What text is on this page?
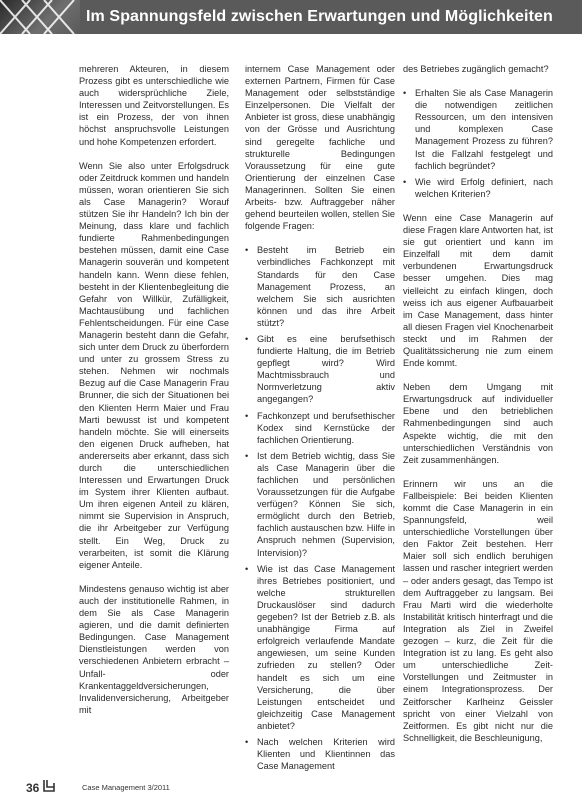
Im Spannungsfeld zwischen Erwartungen und Möglichkeiten

mehreren Akteuren, in diesem Prozess gibt es unterschiedliche wie auch widersprüchliche Ziele, Interessen und Zeitvorstellungen. Es ist ein Prozess, der von ihnen höchst anspruchsvolle Leistungen und hohe Kompetenzen erfordert.

Wenn Sie also unter Erfolgsdruck oder Zeitdruck kommen und handeln müssen, woran orientieren Sie sich als Case Managerin? Worauf stützen Sie ihr Handeln? Ich bin der Meinung, dass klare und fachlich fundierte Rahmenbedingungen bestehen müssen, damit eine Case Managerin souverän und kompetent handeln kann. Wenn diese fehlen, besteht in der Klientenbegleitung die Gefahr von Willkür, Zufälligkeit, Machtausübung und fachlichen Fehlentscheidungen. Für eine Case Managerin besteht dann die Gefahr, sich unter dem Druck zu überfordern und unter zu grossem Stress zu stehen. Nehmen wir nochmals Bezug auf die Case Managerin Frau Brunner, die sich der Situationen bei den Klienten Herrn Maier und Frau Marti bewusst ist und kompetent handeln möchte. Sie will einerseits den eigenen Druck aufheben, hat andererseits aber erkannt, dass sich durch die unterschiedlichen Interessen und Erwartungen Druck im System ihrer Klienten aufbaut. Um ihren eigenen Anteil zu klären, nimmt sie Supervision in Anspruch, die ihr Arbeitgeber zur Verfügung stellt. Ein Weg, Druck zu verarbeiten, ist somit die Klärung eigener Anteile.

Mindestens genauso wichtig ist aber auch der institutionelle Rahmen, in dem Sie als Case Managerin agieren, und die damit definierten Bedingungen. Case Management Dienstleistungen werden von verschiedenen Anbietern erbracht – Unfall- oder Krankentaggeldversicherungen, Invalidenversicherung, Arbeitgeber mit

internem Case Management oder externen Partnern, Firmen für Case Management oder selbstständige Einzelpersonen. Die Vielfalt der Anbieter ist gross, diese unabhängig von der Grösse und Ausrichtung sind geregelte fachliche und strukturelle Bedingungen Voraussetzung für eine gute Orientierung der einzelnen Case Managerinnen. Sollten Sie einen Arbeits- bzw. Auftraggeber näher gehend beurteilen wollen, stellen Sie folgende Fragen:

• Besteht im Betrieb ein verbindliches Fachkonzept mit Standards für den Case Management Prozess, an welchem Sie sich ausrichten können und das ihre Arbeit stützt?
• Gibt es eine berufsethisch fundierte Haltung, die im Betrieb gepflegt wird? Wird Machtmissbrauch und Normverletzung aktiv angegangen?
• Fachkonzept und berufsethischer Kodex sind Kernstücke der fachlichen Orientierung.
• Ist dem Betrieb wichtig, dass Sie als Case Managerin über die fachlichen und persönlichen Voraussetzungen für die Aufgabe verfügen? Können Sie sich, ermöglicht durch den Betrieb, fachlich austauschen bzw. Hilfe in Anspruch nehmen (Supervision, Intervision)?
• Wie ist das Case Management ihres Betriebes positioniert, und welche strukturellen Druckauslöser sind dadurch gegeben? Ist der Betrieb z.B. als unabhängige Firma auf erfolgreich verlaufende Mandate angewiesen, um seine Kunden zufrieden zu stellen? Oder handelt es sich um eine Versicherung, die über Leistungen entscheidet und gleichzeitig Case Management anbietet?
• Nach welchen Kriterien wird Klienten und Klientinnen das Case Management

des Betriebes zugänglich gemacht?

• Erhalten Sie als Case Managerin die notwendigen zeitlichen Ressourcen, um den intensiven und komplexen Case Management Prozess zu führen? Ist die Fallzahl festgelegt und fachlich begründet?
• Wie wird Erfolg definiert, nach welchen Kriterien?

Wenn eine Case Managerin auf diese Fragen klare Antworten hat, ist sie gut orientiert und kann im Einzelfall mit dem damit verbundenen Erwartungsdruck besser umgehen. Dies mag vielleicht zu einfach klingen, doch weiss ich aus eigener Aufbauarbeit im Case Management, dass hinter all diesen Fragen viel Knochenarbeit steckt und im Rahmen der Qualitätssicherung nie zum einem Ende kommt.

Neben dem Umgang mit Erwartungsdruck auf individueller Ebene und den betrieblichen Rahmenbedingungen sind auch Aspekte wichtig, die mit den unterschiedlichen Verständnis von Zeit zusammenhängen.

Erinnern wir uns an die Fallbeispiele: Bei beiden Klienten kommt die Case Managerin in ein Spannungsfeld, weil unterschiedliche Vorstellungen über den Faktor Zeit bestehen. Herr Maier soll sich endlich beruhigen lassen und rascher integriert werden – oder anders gesagt, das Tempo ist dem Auftraggeber zu langsam. Bei Frau Marti wird die wiederholte Instabilität kritisch hinterfragt und die Integration als Ziel in Zweifel gezogen – kurz, die Zeit für die Integration ist zu lang. Es geht also um unterschiedliche Zeit-Vorstellungen und Zeitmuster in einem Integrationsprozess. Der Zeitforscher Karlheinz Geissler spricht von einer Vielzahl von Zeitformen. Es gibt nicht nur die Schnelligkeit, die Beschleunigung,

36	Case Management 3/2011
